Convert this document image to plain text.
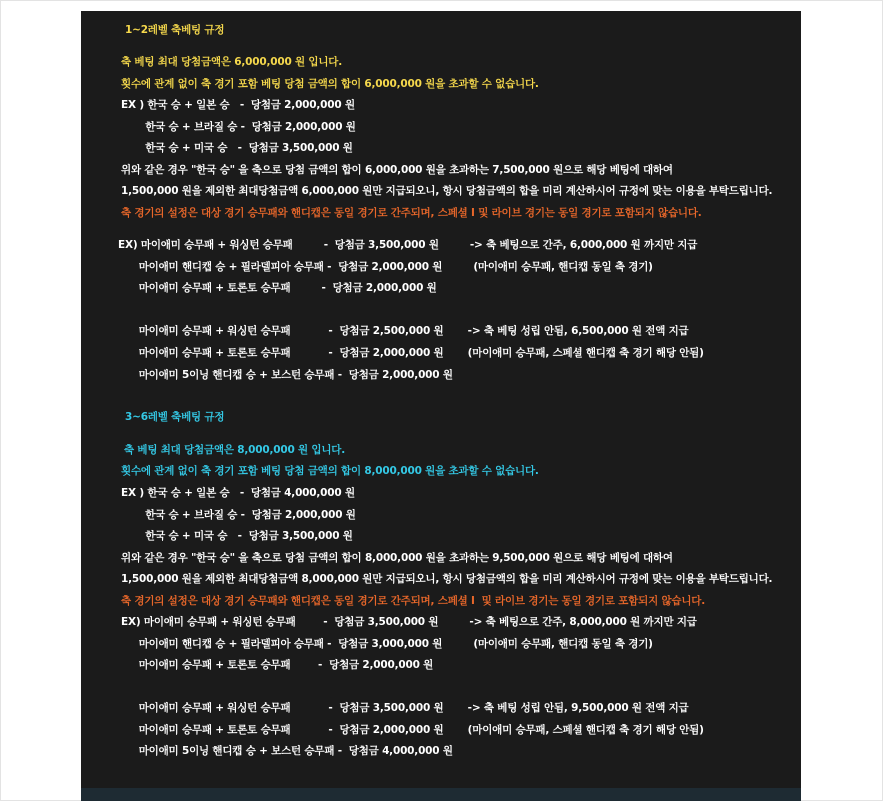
1~2레벨 축베팅 규정
축 베팅 최대 당첨금액은 6,000,000 원 입니다.
횟수에 관계 없이 축 경기 포함 베팅 당첨 금액의 합이 6,000,000 원을 초과할 수 없습니다.
EX ) 한국 승 + 일본 승   -  당첨금 2,000,000 원
한국 승 + 브라질 승 -  당첨금 2,000,000 원
한국 승 + 미국 승   -  당첨금 3,500,000 원
위와 같은 경우 "한국 승" 을 축으로 당첨 금액의 합이 6,000,000 원을 초과하는 7,500,000 원으로 해당 베팅에 대하여
1,500,000 원을 제외한 최대당첨금액 6,000,000 원만 지급되오니, 항시 당첨금액의 합을 미리 계산하시어 규정에 맞는 이용을 부탁드립니다.
축 경기의 설정은 대상 경기 승무패와 핸디캡은 동일 경기로 간주되며, 스페셜 I 및 라이브 경기는 동일 경기로 포함되지 않습니다.
EX) 마이애미 승무패 + 워싱턴 승무패         -  당첨금 3,500,000 원         -> 축 베팅으로 간주, 6,000,000 원 까지만 지급
마이애미 핸디캡 승 + 필라델피아 승무패 -  당첨금 2,000,000 원         (마이애미 승무패, 핸디캡 동일 축 경기)
마이애미 승무패 + 토론토 승무패         -  당첨금 2,000,000 원
마이애미 승무패 + 워싱턴 승무패           -  당첨금 2,500,000 원       -> 축 베팅 성립 안됨, 6,500,000 원 전액 지급
마이애미 승무패 + 토론토 승무패           -  당첨금 2,000,000 원       (마이애미 승무패, 스페셜 핸디캡 축 경기 해당 안됨)
마이애미 5이닝 핸디캡 승 + 보스턴 승무패 -  당첨금 2,000,000 원
3~6레벨 축베팅 규정
축 베팅 최대 당첨금액은 8,000,000 원 입니다.
횟수에 관계 없이 축 경기 포함 베팅 당첨 금액의 합이 8,000,000 원을 초과할 수 없습니다.
EX ) 한국 승 + 일본 승   -  당첨금 4,000,000 원
한국 승 + 브라질 승 -  당첨금 2,000,000 원
한국 승 + 미국 승   -  당첨금 3,500,000 원
위와 같은 경우 "한국 승" 을 축으로 당첨 금액의 합이 8,000,000 원을 초과하는 9,500,000 원으로 해당 베팅에 대하여
1,500,000 원을 제외한 최대당첨금액 8,000,000 원만 지급되오니, 항시 당첨금액의 합을 미리 계산하시어 규정에 맞는 이용을 부탁드립니다.
축 경기의 설정은 대상 경기 승무패와 핸디캡은 동일 경기로 간주되며, 스페셜 I  및 라이브 경기는 동일 경기로 포함되지 않습니다.
EX) 마이애미 승무패 + 워싱턴 승무패        -  당첨금 3,500,000 원         -> 축 베팅으로 간주, 8,000,000 원 까지만 지급
마이애미 핸디캡 승 + 필라델피아 승무패 -  당첨금 3,000,000 원         (마이애미 승무패, 핸디캡 동일 축 경기)
마이애미 승무패 + 토론토 승무패        -  당첨금 2,000,000 원
마이애미 승무패 + 워싱턴 승무패           -  당첨금 3,500,000 원       -> 축 베팅 성립 안됨, 9,500,000 원 전액 지급
마이애미 승무패 + 토론토 승무패           -  당첨금 2,000,000 원       (마이애미 승무패, 스페셜 핸디캡 축 경기 해당 안됨)
마이애미 5이닝 핸디캡 승 + 보스턴 승무패 -  당첨금 4,000,000 원
